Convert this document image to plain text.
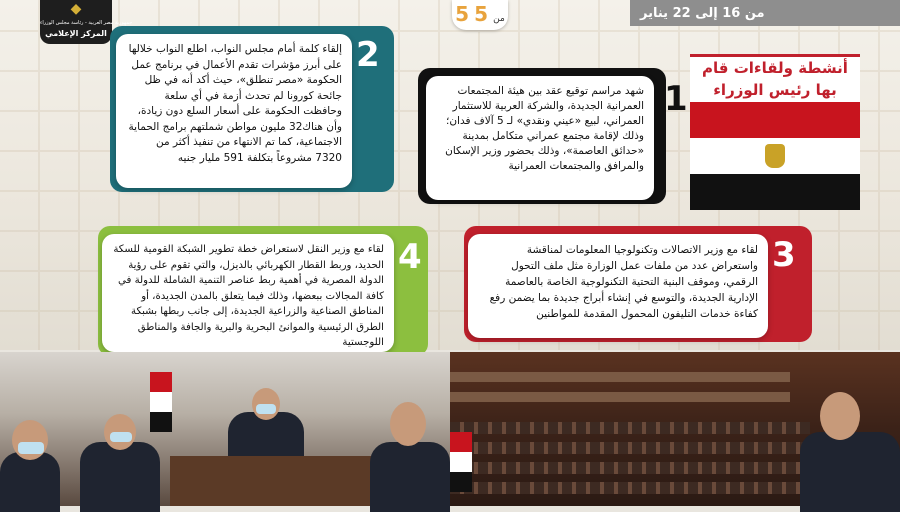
من 16 إلى 22 يناير
5	من 5
◆
جمهورية مصر العربية - رئاسة مجلس الوزراء
المركز الإعلامي
أنشطة ولقاءات قام
بها رئيس الوزراء
شهد مراسم توقيع عقد بين هيئة المجتمعات العمرانية الجديدة، والشركة العربية للاستثمار العمراني، لبيع «عيني ونقدي» لـ 5 آلاف فدان؛ وذلك لإقامة مجتمع عمراني متكامل بمدينة «حدائق العاصمة»، وذلك بحضور وزير الإسكان والمرافق والمجتمعات العمرانية
1
إلقاء كلمة أمام مجلس النواب، اطلع النواب خلالها على أبرز مؤشرات تقدم الأعمال في برنامج عمل الحكومة «مصر تنطلق»، حيث أكد أنه في ظل جائحة كورونا لم تحدث أزمة في أي سلعة وحافظت الحكومة على أسعار السلع دون زيادة، وأن هناك32 مليون مواطن شملتهم برامج الحماية الاجتماعية، كما تم الانتهاء من تنفيذ أكثر من 7320 مشروعاً بتكلفة 591 مليار جنيه
2
لقاء مع وزير الاتصالات وتكنولوجيا المعلومات لمناقشة واستعراض عدد من ملفات عمل الوزارة مثل ملف التحول الرقمي، وموقف البنية التحتية التكنولوجية الخاصة بالعاصمة الإدارية الجديدة، والتوسع في إنشاء أبراج جديدة بما يضمن رفع كفاءة خدمات التليفون المحمول المقدمة للمواطنين
3
لقاء مع وزير النقل لاستعراض خطة تطوير الشبكة القومية للسكة الحديد، وربط القطار الكهربائي بالديزل، والتي تقوم على رؤية الدولة المصرية في أهمية ربط عناصر التنمية الشاملة للدولة في كافة المجالات ببعضها، وذلك فيما يتعلق بالمدن الجديدة، أو المناطق الصناعية والزراعية الجديدة، إلى جانب ربطها بشبكة الطرق الرئيسية والموانئ البحرية والبرية والجافة والمناطق اللوجستية
4
